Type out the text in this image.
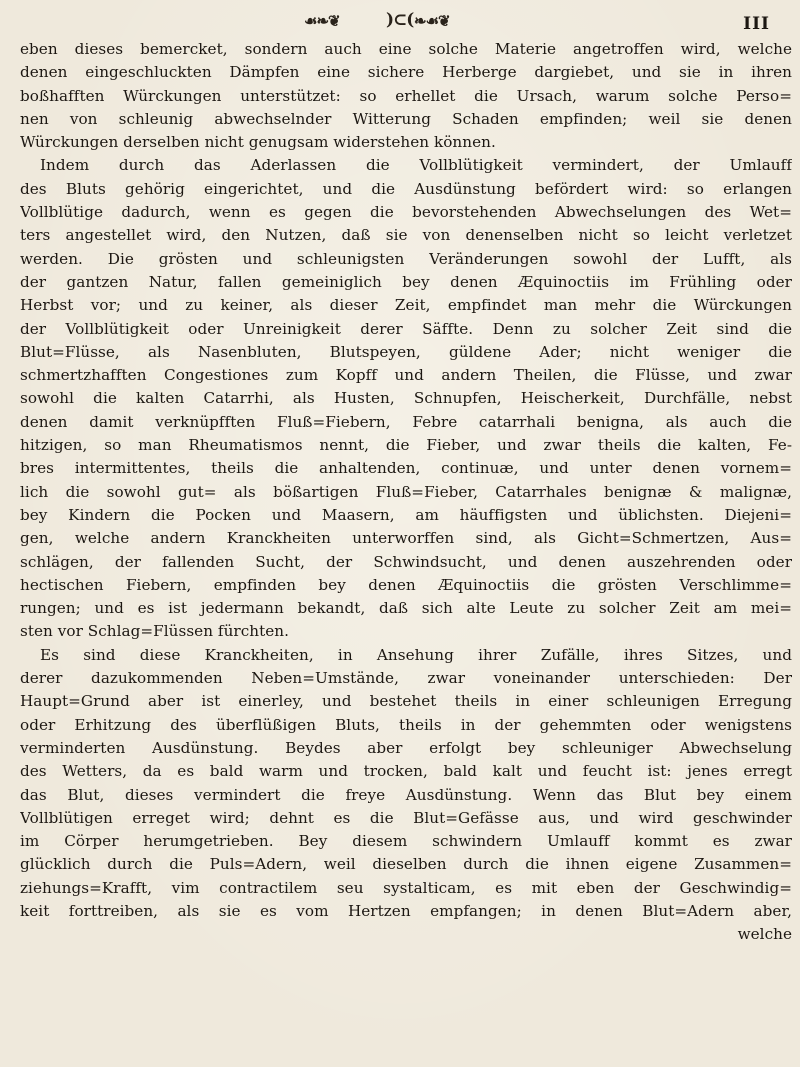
☙❧❦	)⊂( ❧☙❦	III
eben dieses bemercket, sondern auch eine solche Materie angetroffen wird, welche
denen eingeschluckten Dämpfen eine sichere Herberge dargiebet, und sie in ihren
boßhafften Würckungen unterstützet: so erhellet die Ursach, warum solche Perso=
nen von schleunig abwechselnder Witterung Schaden empfinden; weil sie denen
Würckungen derselben nicht genugsam widerstehen können.
Indem durch das Aderlassen die Vollblütigkeit vermindert, der Umlauff
des Bluts gehörig eingerichtet, und die Ausdünstung befördert wird: so erlangen
Vollblütige dadurch, wenn es gegen die bevorstehenden Abwechselungen des Wet=
ters angestellet wird, den Nutzen, daß sie von denenselben nicht so leicht verletzet
werden. Die grösten und schleunigsten Veränderungen sowohl der Lufft, als
der gantzen Natur, fallen gemeiniglich bey denen Æquinoctiis im Frühling oder
Herbst vor; und zu keiner, als dieser Zeit, empfindet man mehr die Würckungen
der Vollblütigkeit oder Unreinigkeit derer Säffte. Denn zu solcher Zeit sind die
Blut=Flüsse, als Nasenbluten, Blutspeyen, güldene Ader; nicht weniger die
schmertzhafften Congestiones zum Kopff und andern Theilen, die Flüsse, und zwar
sowohl die kalten Catarrhi, als Husten, Schnupfen, Heischerkeit, Durchfälle, nebst
denen damit verknüpfften Fluß=Fiebern, Febre catarrhali benigna, als auch die
hitzigen, so man Rheumatismos nennt, die Fieber, und zwar theils die kalten, Fe-
bres intermittentes, theils die anhaltenden, continuæ, und unter denen vornem=
lich die sowohl gut= als bößartigen Fluß=Fieber, Catarrhales benignæ & malignæ,
bey Kindern die Pocken und Maasern, am häuffigsten und üblichsten. Diejeni=
gen, welche andern Kranckheiten unterworffen sind, als Gicht=Schmertzen, Aus=
schlägen, der fallenden Sucht, der Schwindsucht, und denen auszehrenden oder
hectischen Fiebern, empfinden bey denen Æquinoctiis die grösten Verschlimme=
rungen; und es ist jedermann bekandt, daß sich alte Leute zu solcher Zeit am mei=
sten vor Schlag=Flüssen fürchten.
Es sind diese Kranckheiten, in Ansehung ihrer Zufälle, ihres Sitzes, und
derer dazukommenden Neben=Umstände, zwar voneinander unterschieden: Der
Haupt=Grund aber ist einerley, und bestehet theils in einer schleunigen Erregung
oder Erhitzung des überflüßigen Bluts, theils in der gehemmten oder wenigstens
verminderten Ausdünstung. Beydes aber erfolgt bey schleuniger Abwechselung
des Wetters, da es bald warm und trocken, bald kalt und feucht ist: jenes erregt
das Blut, dieses vermindert die freye Ausdünstung. Wenn das Blut bey einem
Vollblütigen erreget wird; dehnt es die Blut=Gefässe aus, und wird geschwinder
im Cörper herumgetrieben. Bey diesem schwindern Umlauff kommt es zwar
glücklich durch die Puls=Adern, weil dieselben durch die ihnen eigene Zusammen=
ziehungs=Krafft, vim contractilem seu systalticam, es mit eben der Geschwindig=
keit forttreiben, als sie es vom Hertzen empfangen; in denen Blut=Adern aber,
welche
